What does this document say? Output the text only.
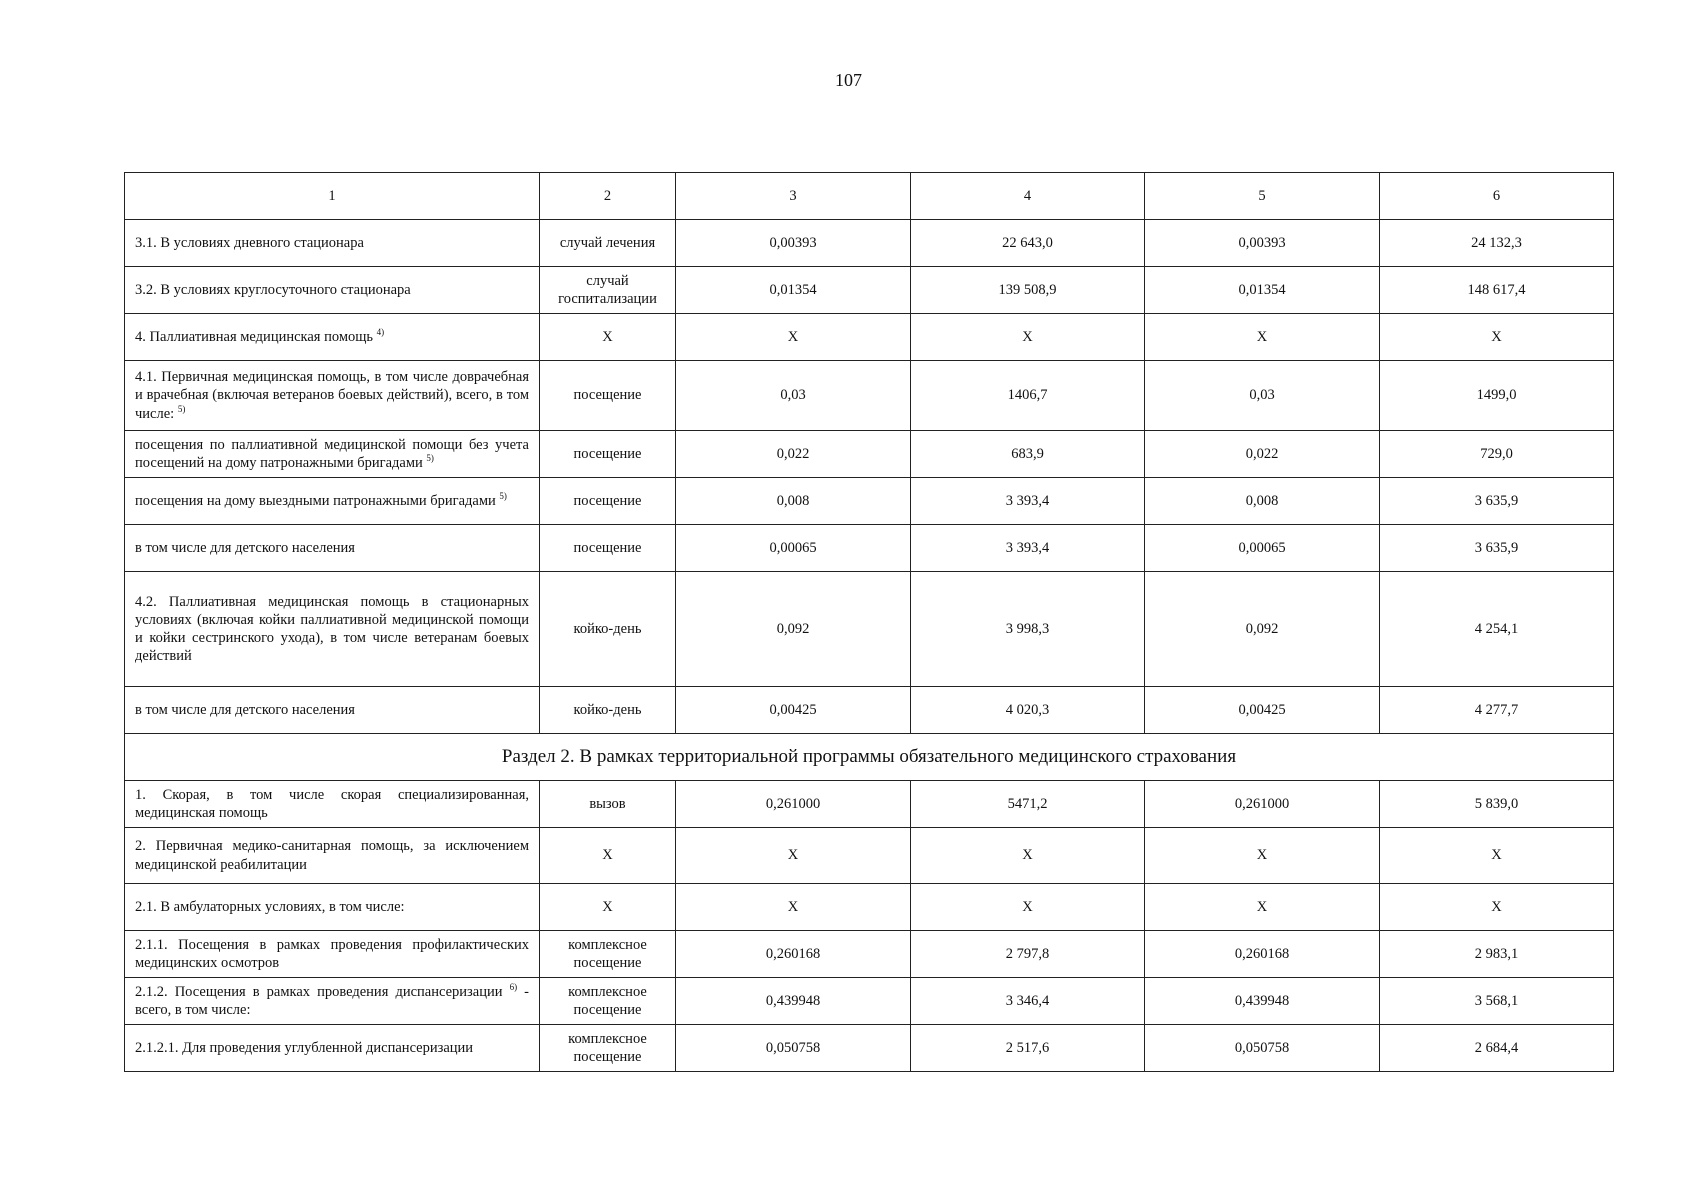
107
1	2	3	4	5	6
3.1. В условиях дневного стационара	случай лечения	0,00393	22 643,0	0,00393	24 132,3
3.2. В условиях круглосуточного стационара	случай госпитализации	0,01354	139 508,9	0,01354	148 617,4
4. Паллиативная медицинская помощь $^{4)}$	X	X	X	X	X
4.1. Первичная медицинская помощь, в том числе доврачебная и врачебная (включая ветеранов боевых действий), всего, в том числе: $^{5)}$	посещение	0,03	1406,7	0,03	1499,0
посещения по паллиативной медицинской помощи без учета посещений на дому патронажными бригадами $^{5)}$	посещение	0,022	683,9	0,022	729,0
посещения на дому выездными патронажными бригадами $^{5)}$	посещение	0,008	3 393,4	0,008	3 635,9
в том числе для детского населения	посещение	0,00065	3 393,4	0,00065	3 635,9
4.2. Паллиативная медицинская помощь в стационарных условиях (включая койки паллиативной медицинской помощи и койки сестринского ухода), в том числе ветеранам боевых действий	койко-день	0,092	3 998,3	0,092	4 254,1
в том числе для детского населения	койко-день	0,00425	4 020,3	0,00425	4 277,7
Раздел 2. В рамках территориальной программы обязательного медицинского страхования					
1. Скорая, в том числе скорая специализированная, медицинская помощь	вызов	0,261000	5471,2	0,261000	5 839,0
2. Первичная медико-санитарная помощь, за исключением медицинской реабилитации	X	X	X	X	X
2.1. В амбулаторных условиях, в том числе:	X	X	X	X	X
2.1.1. Посещения в рамках проведения профилактических медицинских осмотров	комплексное посещение	0,260168	2 797,8	0,260168	2 983,1
2.1.2. Посещения в рамках проведения диспансеризации $^{6)}$ - всего, в том числе:	комплексное посещение	0,439948	3 346,4	0,439948	3 568,1
2.1.2.1. Для проведения углубленной диспансеризации	комплексное посещение	0,050758	2 517,6	0,050758	2 684,4
